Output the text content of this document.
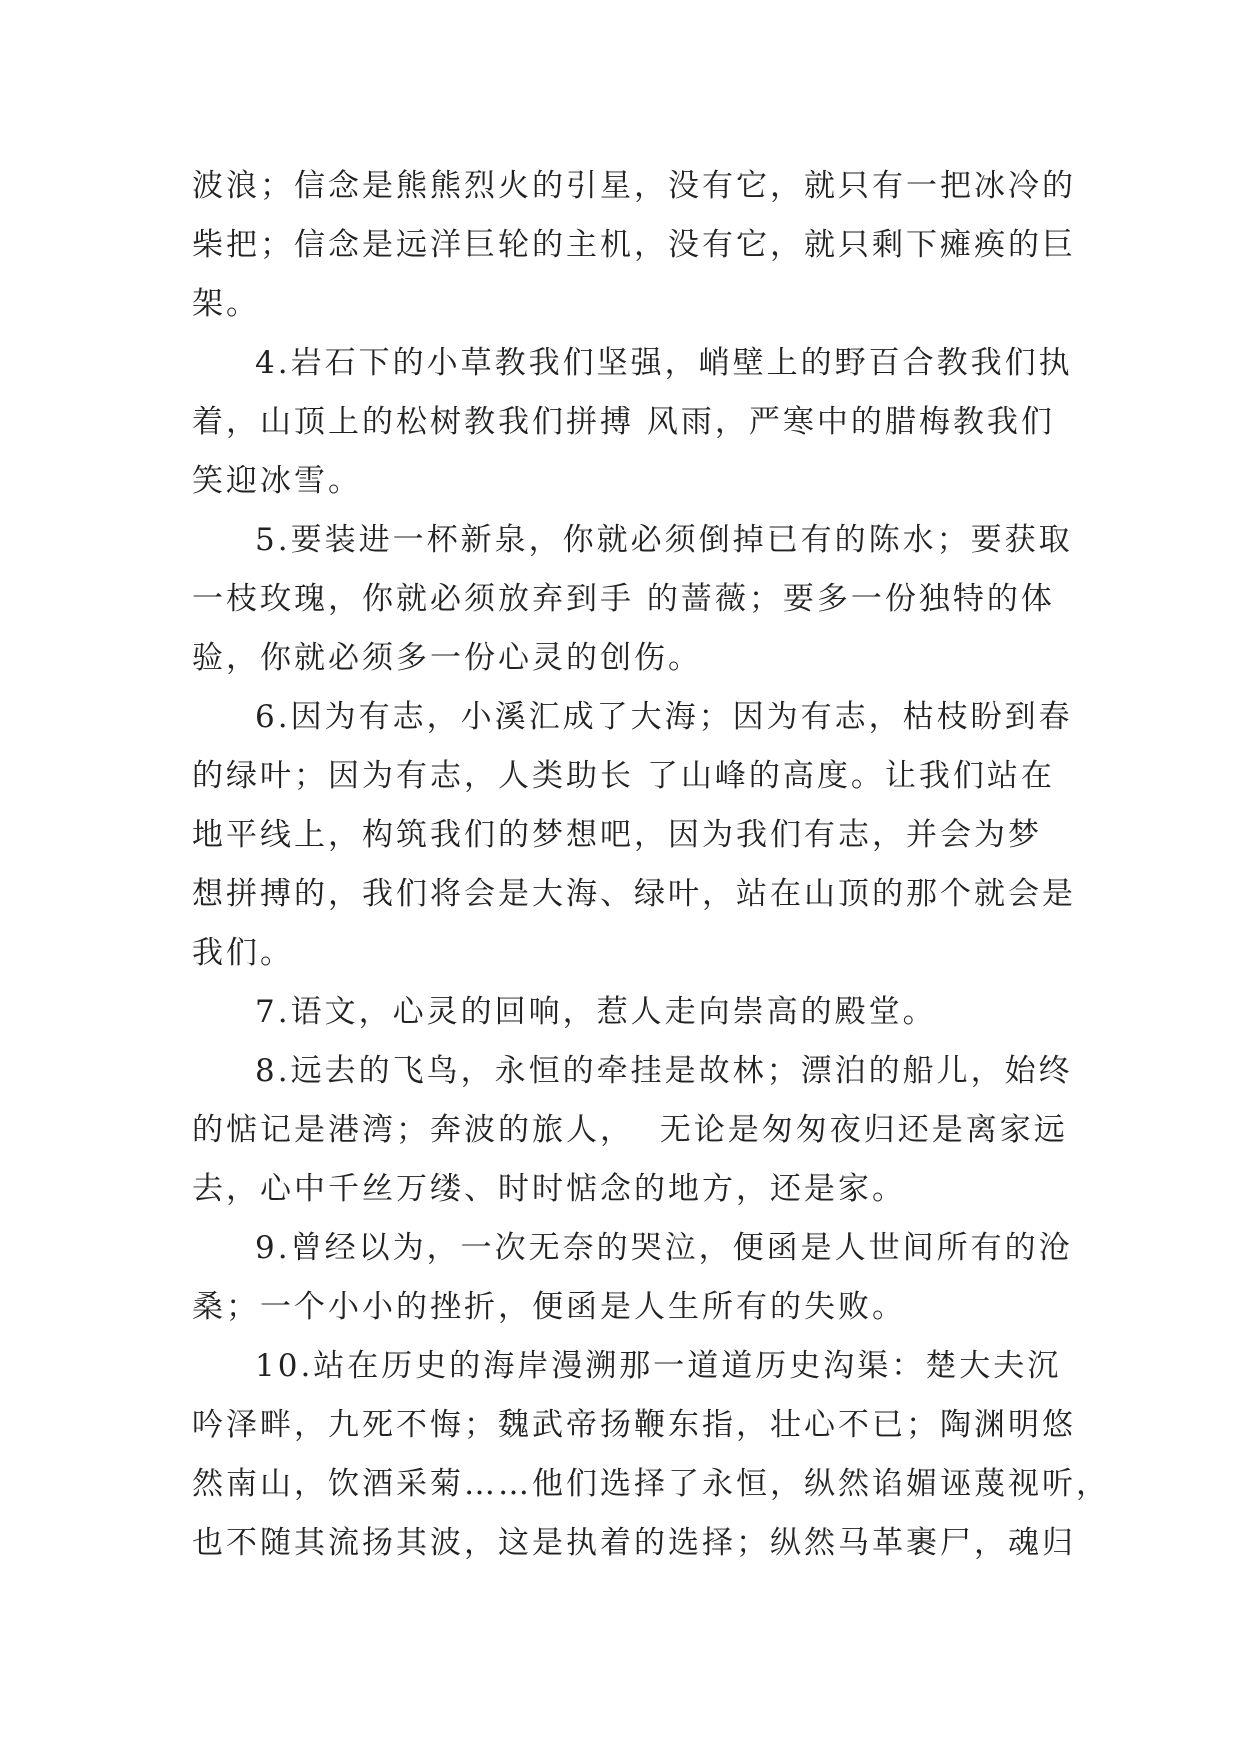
波浪；信念是熊熊烈火的引星，没有它，就只有一把冰冷的
柴把；信念是远洋巨轮的主机，没有它，就只剩下瘫痪的巨
架。
4.岩石下的小草教我们坚强，峭壁上的野百合教我们执
着，山顶上的松树教我们拼搏 风雨，严寒中的腊梅教我们
笑迎冰雪。
5.要装进一杯新泉，你就必须倒掉已有的陈水；要获取
一枝玫瑰，你就必须放弃到手 的蔷薇；要多一份独特的体
验，你就必须多一份心灵的创伤。
6.因为有志，小溪汇成了大海；因为有志，枯枝盼到春
的绿叶；因为有志，人类助长 了山峰的高度。让我们站在
地平线上，构筑我们的梦想吧，因为我们有志，并会为梦
想拼搏的，我们将会是大海、绿叶，站在山顶的那个就会是
我们。
7.语文，心灵的回响，惹人走向崇高的殿堂。
8.远去的飞鸟，永恒的牵挂是故林；漂泊的船儿，始终
的惦记是港湾；奔波的旅人，  无论是匆匆夜归还是离家远
去，心中千丝万缕、时时惦念的地方，还是家。
9.曾经以为，一次无奈的哭泣，便函是人世间所有的沧
桑；一个小小的挫折，便函是人生所有的失败。
10.站在历史的海岸漫溯那一道道历史沟渠：楚大夫沉
吟泽畔，九死不悔；魏武帝扬鞭东指，壮心不已；陶渊明悠
然南山，饮酒采菊……他们选择了永恒，纵然谄媚诬蔑视听，
也不随其流扬其波，这是执着的选择；纵然马革裹尸，魂归
